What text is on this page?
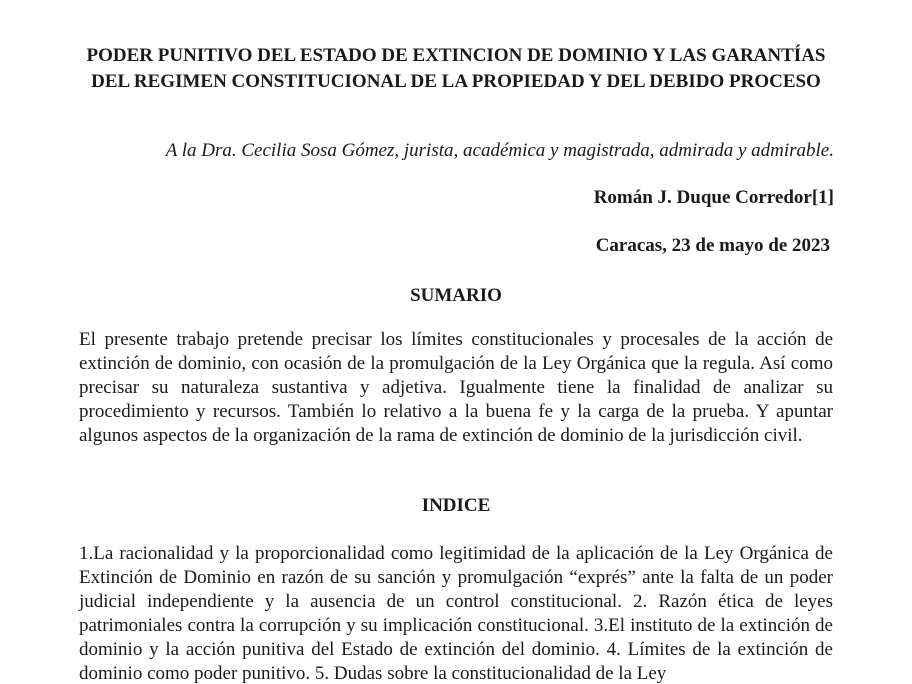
PODER PUNITIVO DEL ESTADO DE EXTINCION DE DOMINIO Y LAS GARANTÍAS DEL REGIMEN CONSTITUCIONAL DE LA PROPIEDAD Y DEL DEBIDO PROCESO

A la Dra. Cecilia Sosa Gómez, jurista, académica y magistrada, admirada y admirable.

Román J. Duque Corredor[1]

Caracas, 23 de mayo de 2023

SUMARIO

El presente trabajo pretende precisar los límites constitucionales y procesales de la acción de extinción de dominio, con ocasión de la promulgación de la Ley Orgánica que la regula. Así como precisar su naturaleza sustantiva y adjetiva. Igualmente tiene la finalidad de analizar su procedimiento y recursos. También lo relativo a la buena fe y la carga de la prueba. Y apuntar algunos aspectos de la organización de la rama de extinción de dominio de la jurisdicción civil.

INDICE

1.La racionalidad y la proporcionalidad como legitimidad de la aplicación de la Ley Orgánica de Extinción de Dominio en razón de su sanción y promulgación “exprés” ante la falta de un poder judicial independiente y la ausencia de un control constitucional. 2. Razón ética de leyes patrimoniales contra la corrupción y su implicación constitucional. 3.El instituto de la extinción de dominio y la acción punitiva del Estado de extinción del dominio. 4. Límites de la extinción de dominio como poder punitivo. 5. Dudas sobre la constitucionalidad de la Ley
